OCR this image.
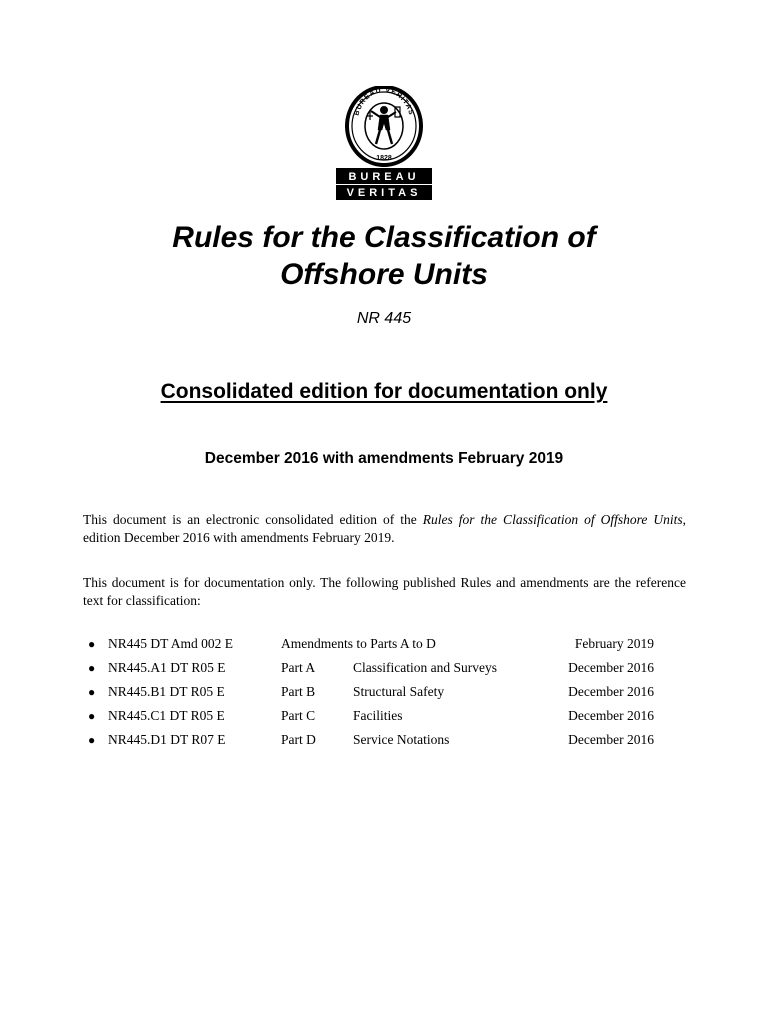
BUREAU VERITAS
1828
BUREAU
VERITAS
Rules for the Classification of
Offshore Units
NR 445
Consolidated edition for documentation only
December 2016 with amendments February 2019

This document is an electronic consolidated edition of the Rules for the Classification of Offshore Units, edition December 2016 with amendments February 2019.

This document is for documentation only. The following published Rules and amendments are the reference text for classification:

● NR445 DT Amd 002 E	Amendments to Parts A to D	February 2019
● NR445.A1 DT R05 E	Part A	Classification and Surveys	December 2016
● NR445.B1 DT R05 E	Part B	Structural Safety	December 2016
● NR445.C1 DT R05 E	Part C	Facilities	December 2016
● NR445.D1 DT R07 E	Part D	Service Notations	December 2016
